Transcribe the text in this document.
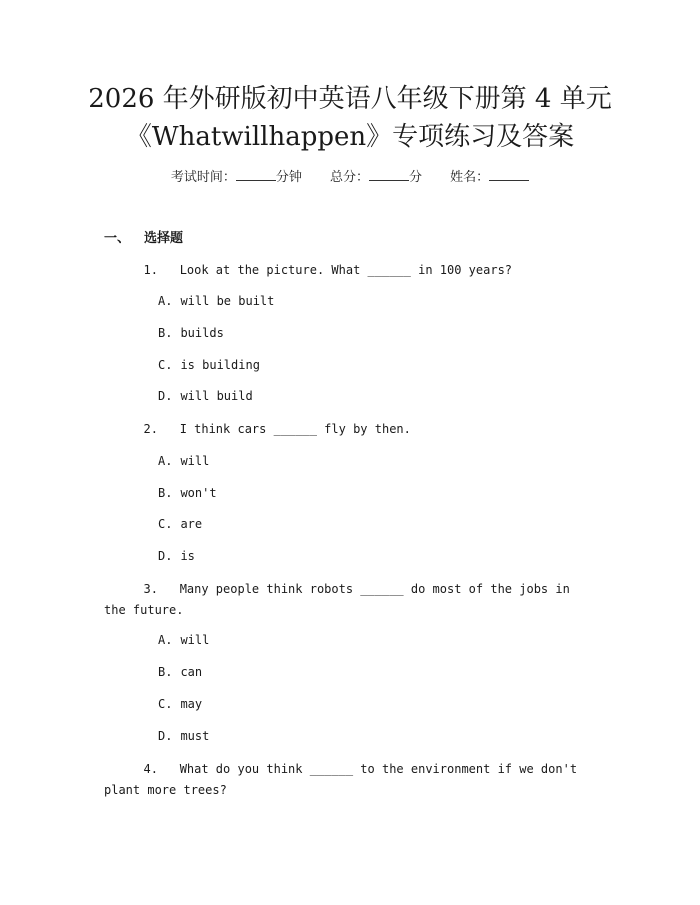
2026 年外研版初中英语八年级下册第 4 单元
《Whatwillhappen》专项练习及答案
考试时间：	分钟 总分：	分 姓名：
一、 选择题
1. Look at the picture. What ______ in 100 years?
A. will be built
B. builds
C. is building
D. will build
2. I think cars ______ fly by then.
A. will
B. won't
C. are
D. is
3. Many people think robots ______ do most of the jobs in the future.
A. will
B. can
C. may
D. must
4. What do you think ______ to the environment if we don't plant more trees?
